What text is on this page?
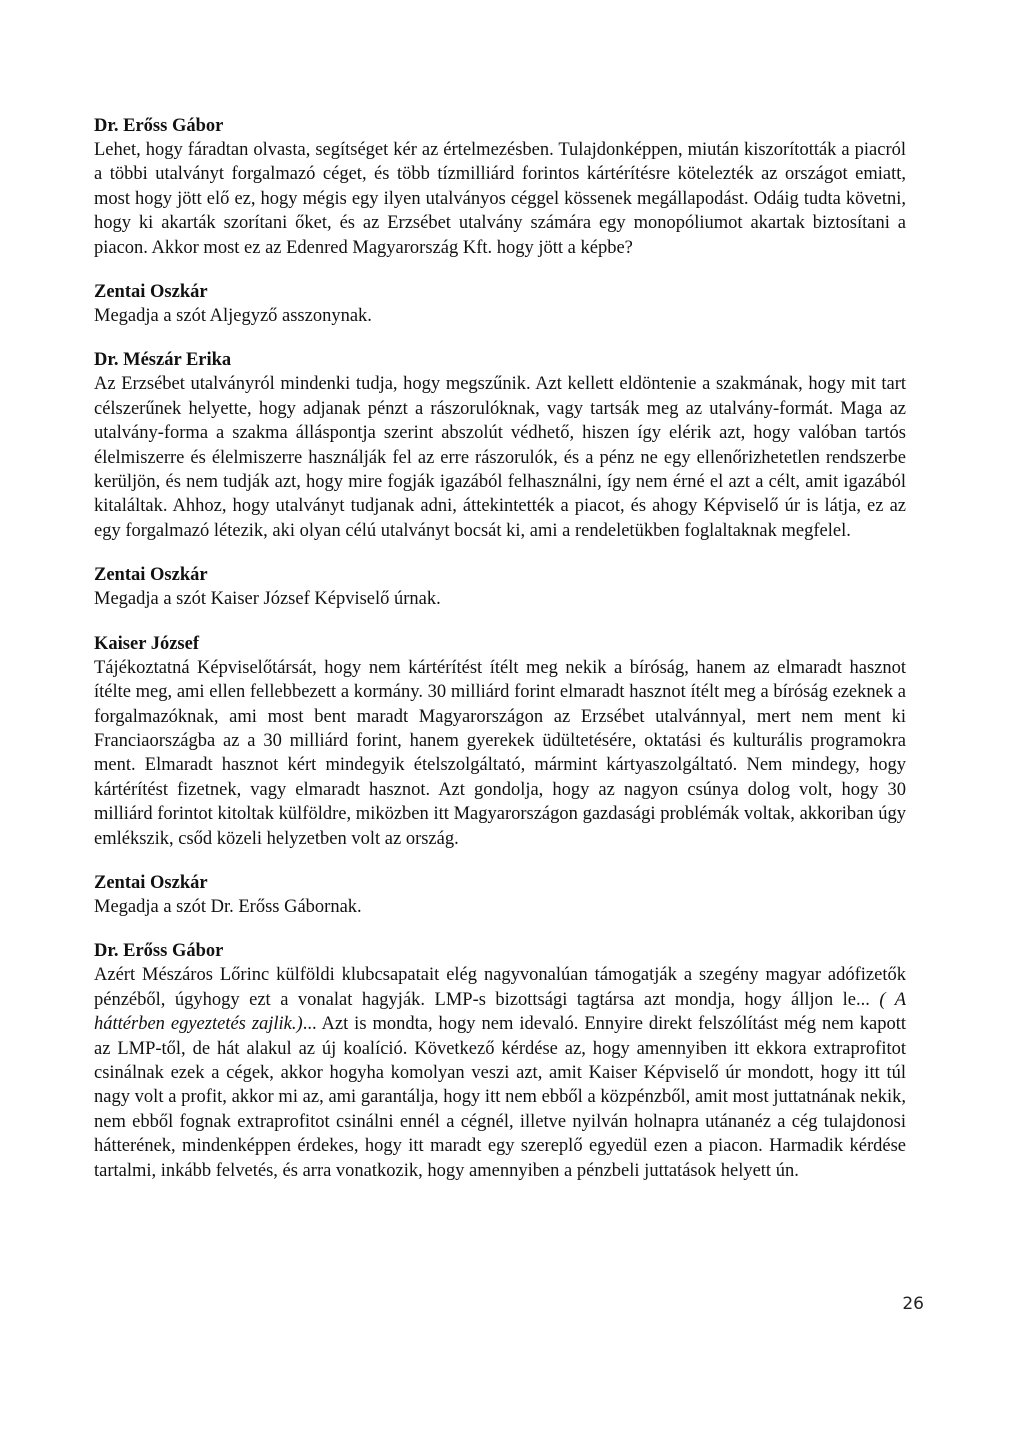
Dr. Erőss Gábor

Lehet, hogy fáradtan olvasta, segítséget kér az értelmezésben. Tulajdonképpen, miután kiszorították a piacról a többi utalványt forgalmazó céget, és több tízmilliárd forintos kártérítésre kötelezték az országot emiatt, most hogy jött elő ez, hogy mégis egy ilyen utalványos céggel kössenek megállapodást. Odáig tudta követni, hogy ki akarták szorítani őket, és az Erzsébet utalvány számára egy monopóliumot akartak biztosítani a piacon. Akkor most ez az Edenred Magyarország Kft. hogy jött a képbe?

Zentai Oszkár

Megadja a szót Aljegyző asszonynak.

Dr. Mészár Erika

Az Erzsébet utalványról mindenki tudja, hogy megszűnik. Azt kellett eldöntenie a szakmának, hogy mit tart célszerűnek helyette, hogy adjanak pénzt a rászorulóknak, vagy tartsák meg az utalvány-formát. Maga az utalvány-forma a szakma álláspontja szerint abszolút védhető, hiszen így elérik azt, hogy valóban tartós élelmiszerre és élelmiszerre használják fel az erre rászorulók, és a pénz ne egy ellenőrizhetetlen rendszerbe kerüljön, és nem tudják azt, hogy mire fogják igazából felhasználni, így nem érné el azt a célt, amit igazából kitaláltak. Ahhoz, hogy utalványt tudjanak adni, áttekintették a piacot, és ahogy Képviselő úr is látja, ez az egy forgalmazó létezik, aki olyan célú utalványt bocsát ki, ami a rendeletükben foglaltaknak megfelel.

Zentai Oszkár

Megadja a szót Kaiser József Képviselő úrnak.

Kaiser József

Tájékoztatná Képviselőtársát, hogy nem kártérítést ítélt meg nekik a bíróság, hanem az elmaradt hasznot ítélte meg, ami ellen fellebbezett a kormány. 30 milliárd forint elmaradt hasznot ítélt meg a bíróság ezeknek a forgalmazóknak, ami most bent maradt Magyarországon az Erzsébet utalvánnyal, mert nem ment ki Franciaországba az a 30 milliárd forint, hanem gyerekek üdültetésére, oktatási és kulturális programokra ment. Elmaradt hasznot kért mindegyik ételszolgáltató, mármint kártyaszolgáltató. Nem mindegy, hogy kártérítést fizetnek, vagy elmaradt hasznot. Azt gondolja, hogy az nagyon csúnya dolog volt, hogy 30 milliárd forintot kitoltak külföldre, miközben itt Magyarországon gazdasági problémák voltak, akkoriban úgy emlékszik, csőd közeli helyzetben volt az ország.

Zentai Oszkár

Megadja a szót Dr. Erőss Gábornak.

Dr. Erőss Gábor

Azért Mészáros Lőrinc külföldi klubcsapatait elég nagyvonalúan támogatják a szegény magyar adófizetők pénzéből, úgyhogy ezt a vonalat hagyják. LMP-s bizottsági tagtársa azt mondja, hogy álljon le... ( A háttérben egyeztetés zajlik.)... Azt is mondta, hogy nem idevaló. Ennyire direkt felszólítást még nem kapott az LMP-től, de hát alakul az új koalíció. Következő kérdése az, hogy amennyiben itt ekkora extraprofitot csinálnak ezek a cégek, akkor hogyha komolyan veszi azt, amit Kaiser Képviselő úr mondott, hogy itt túl nagy volt a profit, akkor mi az, ami garantálja, hogy itt nem ebből a közpénzből, amit most juttatnának nekik, nem ebből fognak extraprofitot csinálni ennél a cégnél, illetve nyilván holnapra utánanéz a cég tulajdonosi hátterének, mindenképpen érdekes, hogy itt maradt egy szereplő egyedül ezen a piacon. Harmadik kérdése tartalmi, inkább felvetés, és arra vonatkozik, hogy amennyiben a pénzbeli juttatások helyett ún.

26
